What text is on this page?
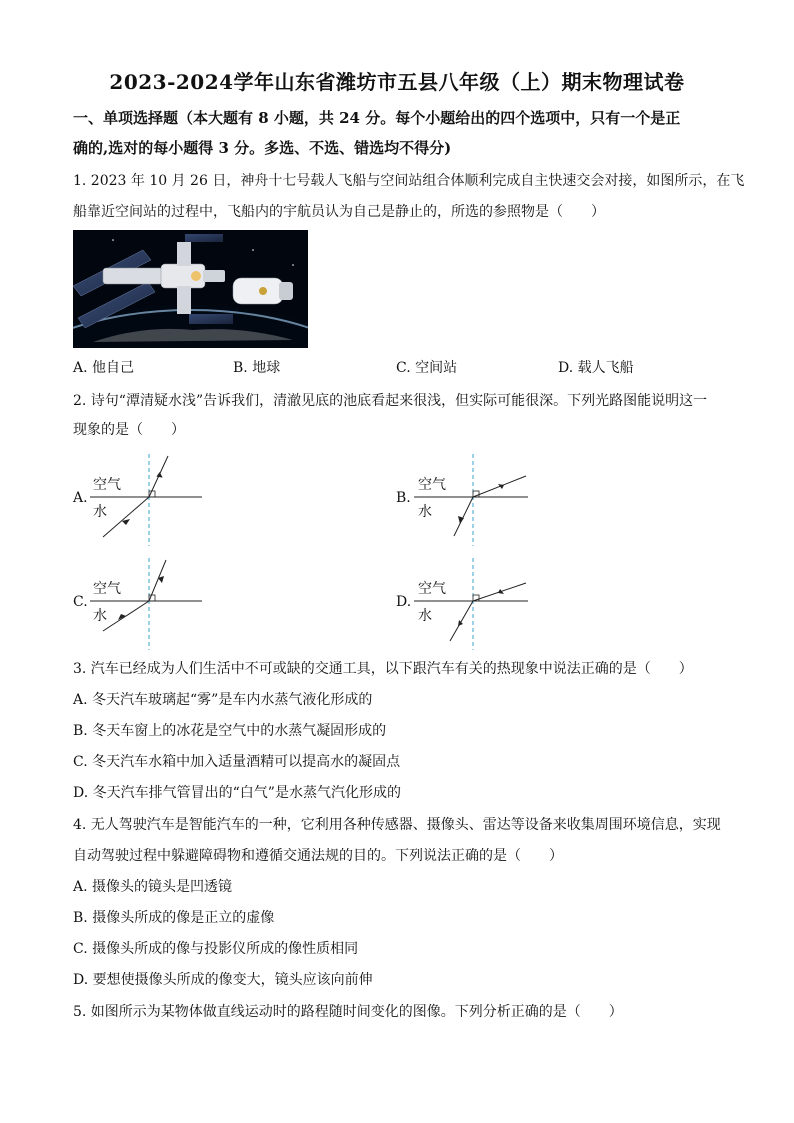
2023-2024学年山东省潍坊市五县八年级（上）期末物理试卷
一、单项选择题（本大题有 8 小题，共 24 分。每个小题给出的四个选项中，只有一个是正
确的,选对的每小题得 3 分。多选、不选、错选均不得分)
1. 2023 年 10 月 26 日，神舟十七号载人飞船与空间站组合体顺利完成自主快速交会对接，如图所示，在飞
船靠近空间站的过程中，飞船内的宇航员认为自己是静止的，所选的参照物是（　　）
A. 他自己	B. 地球	C. 空间站	D. 载人飞船
2. 诗句“潭清疑水浅”告诉我们，清澈见底的池底看起来很浅，但实际可能很深。下列光路图能说明这一
现象的是（　　）
A.
空气
水
B.
空气
水
C.
空气
水
D.
空气
水
3. 汽车已经成为人们生活中不可或缺的交通工具，以下跟汽车有关的热现象中说法正确的是（　　）
A. 冬天汽车玻璃起“雾”是车内水蒸气液化形成的
B. 冬天车窗上的冰花是空气中的水蒸气凝固形成的
C. 冬天汽车水箱中加入适量酒精可以提高水的凝固点
D. 冬天汽车排气管冒出的“白气”是水蒸气汽化形成的
4. 无人驾驶汽车是智能汽车的一种，它利用各种传感器、摄像头、雷达等设备来收集周围环境信息，实现
自动驾驶过程中躲避障碍物和遵循交通法规的目的。下列说法正确的是（　　）
A. 摄像头的镜头是凹透镜
B. 摄像头所成的像是正立的虚像
C. 摄像头所成的像与投影仪所成的像性质相同
D. 要想使摄像头所成的像变大，镜头应该向前伸
5. 如图所示为某物体做直线运动时的路程随时间变化的图像。下列分析正确的是（　　）
